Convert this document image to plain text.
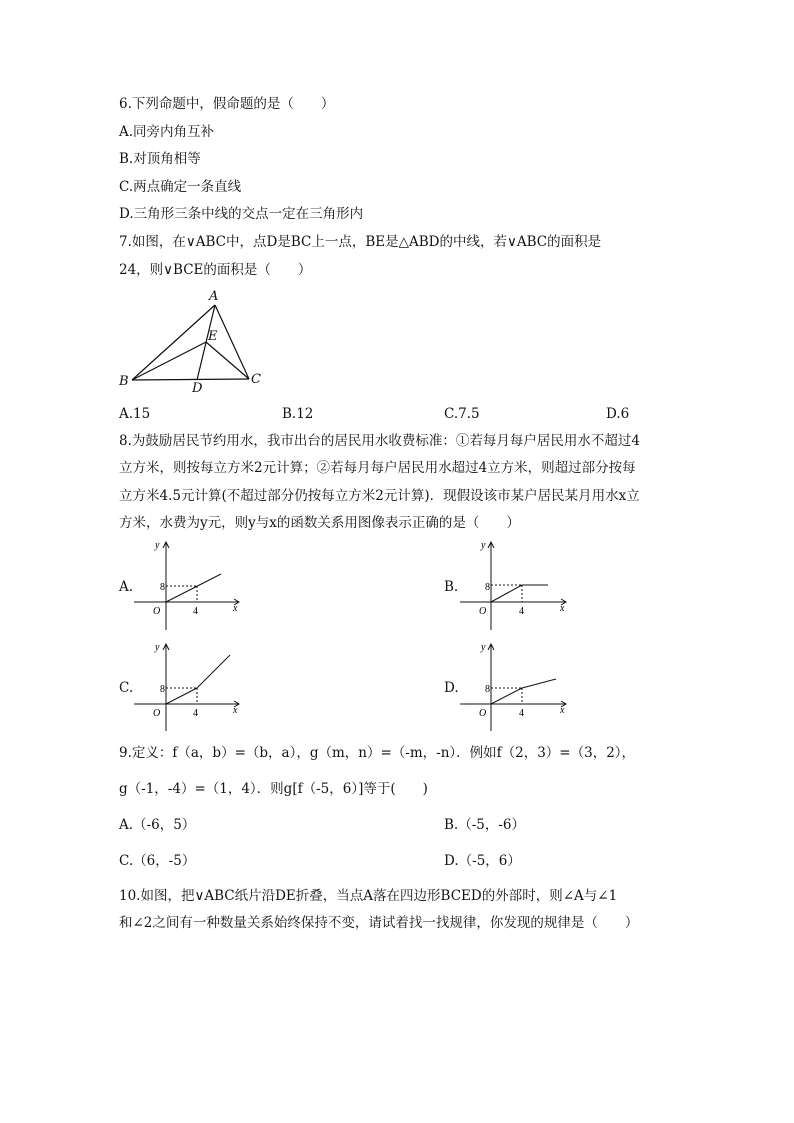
6.下列命题中，假命题的是（　　）
A.同旁内角互补
B.对顶角相等
C.两点确定一条直线
D.三角形三条中线的交点一定在三角形内
7.如图，在∨ABC中，点D是BC上一点，BE是△ABD的中线，若∨ABC的面积是
24，则∨BCE的面积是（　　）
A
E
B	D
C
A.15	B.12	C.7.5	D.6
8.为鼓励居民节约用水，我市出台的居民用水收费标准：①若每月每户居民用水不超过4
立方米，则按每立方米2元计算；②若每月每户居民用水超过4立方米，则超过部分按每
立方米4.5元计算(不超过部分仍按每立方米2元计算)．现假设该市某户居民某月用水x立
方米，水费为y元，则y与x的函数关系用图像表示正确的是（　　）
A.
y
8
O	4	x
B.
y
8
O	4	x
C.
y
8
O	4	x
D.
y
8
O	4	x
9.定义：f（a，b）=（b，a），g（m，n）=（-m，-n）．例如f（2，3）=（3，2），
g（-1，-4）=（1，4）．则g[f（-5，6）]等于(　　)
A.（-6，5）	B.（-5，-6）
C.（6，-5）	D.（-5，6）
10.如图，把∨ABC纸片沿DE折叠，当点A落在四边形BCED的外部时，则∠A与∠1
和∠2之间有一种数量关系始终保持不变，请试着找一找规律，你发现的规律是（　　）
